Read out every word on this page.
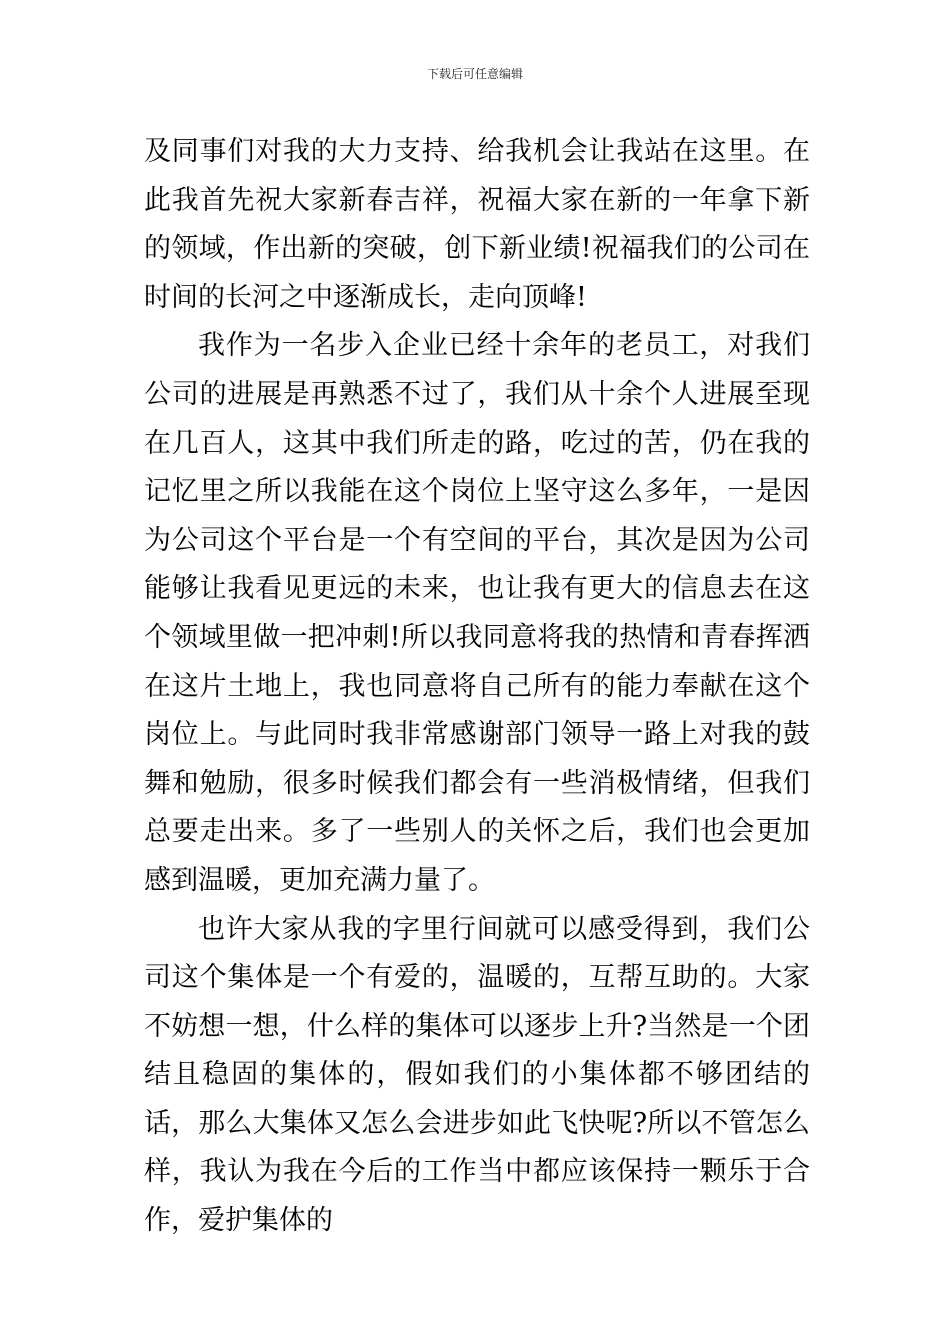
下载后可任意编辑

及同事们对我的大力支持、给我机会让我站在这里。在此我首先祝大家新春吉祥，祝福大家在新的一年拿下新的领域，作出新的突破，创下新业绩!祝福我们的公司在时间的长河之中逐渐成长，走向顶峰!

我作为一名步入企业已经十余年的老员工，对我们公司的进展是再熟悉不过了，我们从十余个人进展至现在几百人，这其中我们所走的路，吃过的苦，仍在我的记忆里之所以我能在这个岗位上坚守这么多年，一是因为公司这个平台是一个有空间的平台，其次是因为公司能够让我看见更远的未来，也让我有更大的信息去在这个领域里做一把冲刺!所以我同意将我的热情和青春挥洒在这片土地上，我也同意将自己所有的能力奉献在这个岗位上。与此同时我非常感谢部门领导一路上对我的鼓舞和勉励，很多时候我们都会有一些消极情绪，但我们总要走出来。多了一些别人的关怀之后，我们也会更加感到温暖，更加充满力量了。

也许大家从我的字里行间就可以感受得到，我们公司这个集体是一个有爱的，温暖的，互帮互助的。大家不妨想一想，什么样的集体可以逐步上升?当然是一个团结且稳固的集体的，假如我们的小集体都不够团结的话，那么大集体又怎么会进步如此飞快呢?所以不管怎么样，我认为我在今后的工作当中都应该保持一颗乐于合作，爱护集体的
